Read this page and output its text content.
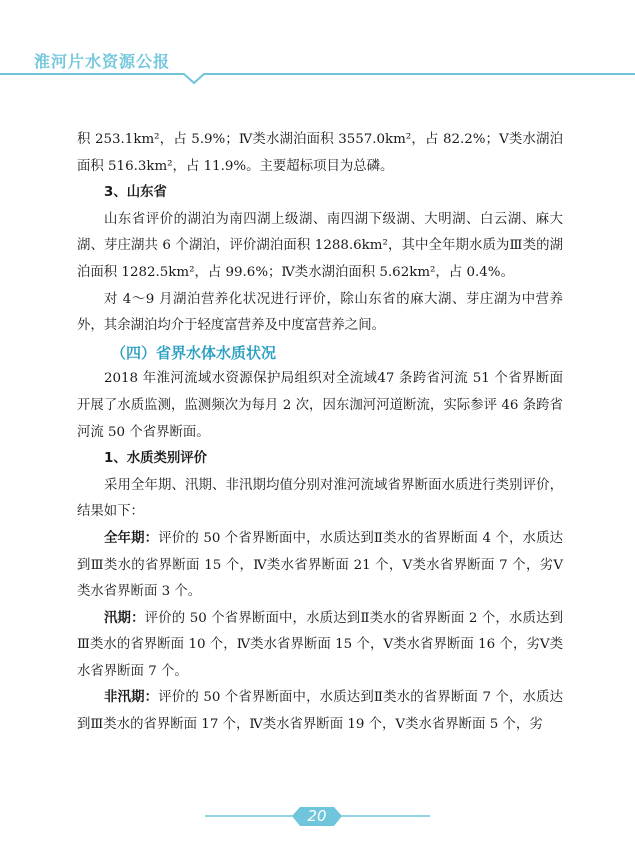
淮河片水资源公报

积 253.1km²，占 5.9%；Ⅳ类水湖泊面积 3557.0km²，占 82.2%；Ⅴ类水湖泊面积 516.3km²，占 11.9%。主要超标项目为总磷。

3、山东省

山东省评价的湖泊为南四湖上级湖、南四湖下级湖、大明湖、白云湖、麻大湖、芽庄湖共 6 个湖泊，评价湖泊面积 1288.6km²，其中全年期水质为Ⅲ类的湖泊面积 1282.5km²，占 99.6%；Ⅳ类水湖泊面积 5.62km²，占 0.4%。

对 4～9 月湖泊营养化状况进行评价，除山东省的麻大湖、芽庄湖为中营养外，其余湖泊均介于轻度富营养及中度富营养之间。

（四）省界水体水质状况

2018 年淮河流域水资源保护局组织对全流域47 条跨省河流 51 个省界断面开展了水质监测，监测频次为每月 2 次，因东泇河河道断流，实际参评 46 条跨省河流 50 个省界断面。

1、水质类别评价

采用全年期、汛期、非汛期均值分别对淮河流域省界断面水质进行类别评价，结果如下：

全年期：评价的 50 个省界断面中，水质达到Ⅱ类水的省界断面 4 个，水质达到Ⅲ类水的省界断面 15 个，Ⅳ类水省界断面 21 个，Ⅴ类水省界断面 7 个，劣Ⅴ类水省界断面 3 个。

汛期：评价的 50 个省界断面中，水质达到Ⅱ类水的省界断面 2 个，水质达到Ⅲ类水的省界断面 10 个，Ⅳ类水省界断面 15 个，Ⅴ类水省界断面 16 个，劣Ⅴ类水省界断面 7 个。

非汛期：评价的 50 个省界断面中，水质达到Ⅱ类水的省界断面 7 个，水质达到Ⅲ类水的省界断面 17 个，Ⅳ类水省界断面 19 个，Ⅴ类水省界断面 5 个，劣

20
